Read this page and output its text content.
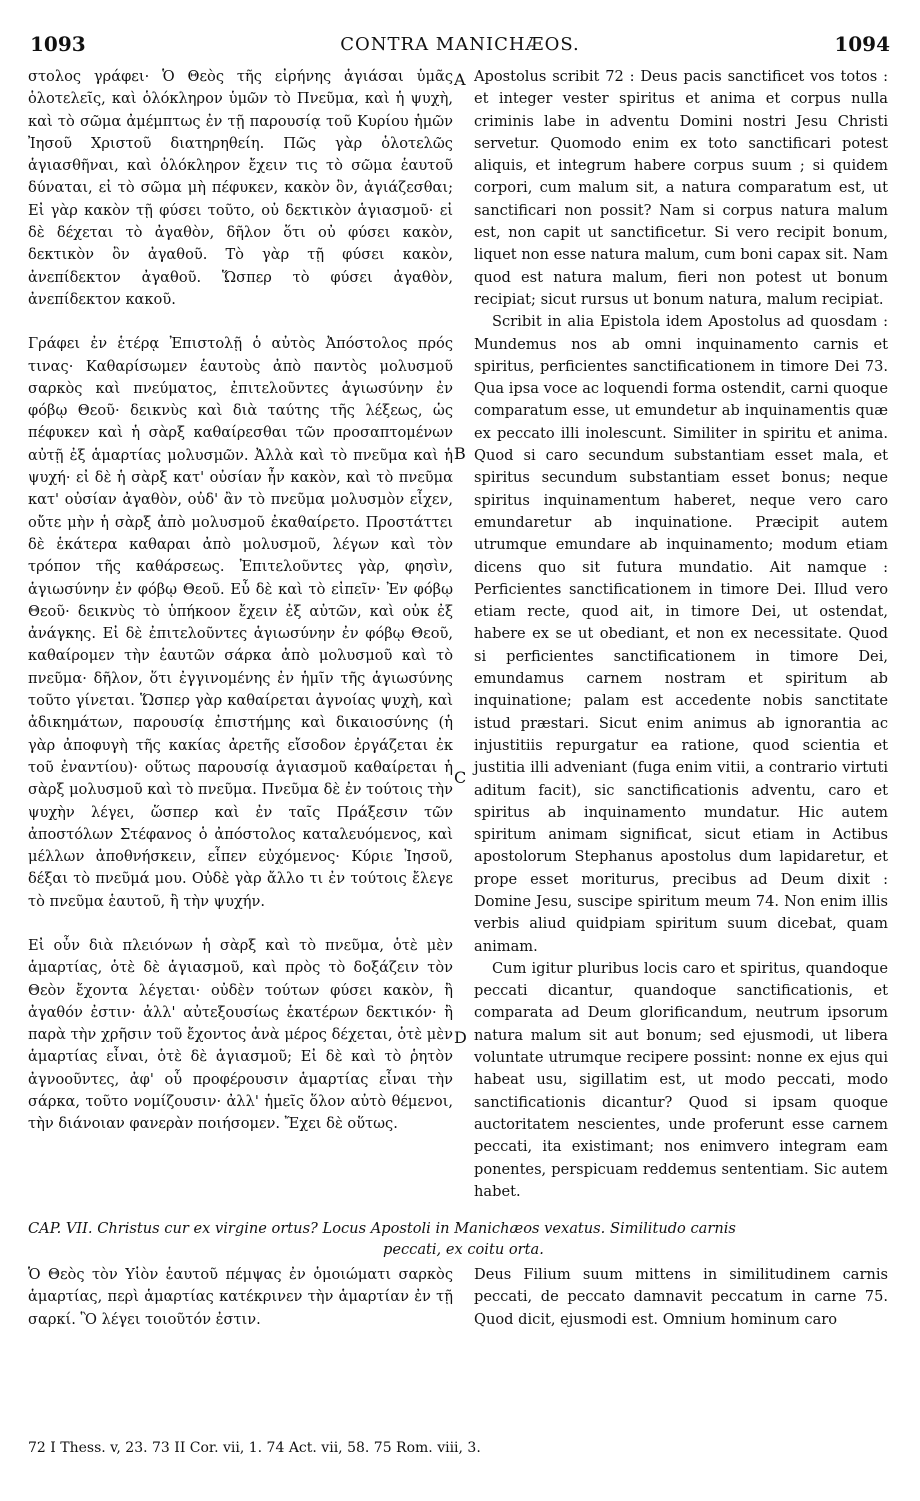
1093	CONTRA MANICHÆOS.	1094
A
B
C
D

στολος γράφει· Ὁ Θεὸς τῆς εἰρήνης ἁγιάσαι ὑμᾶς ὁλοτελεῖς, καὶ ὁλόκληρον ὑμῶν τὸ Πνεῦμα, καὶ ἡ ψυχὴ, καὶ τὸ σῶμα ἀμέμπτως ἐν τῇ παρουσίᾳ τοῦ Κυρίου ἡμῶν Ἰησοῦ Χριστοῦ διατηρηθείη. Πῶς γὰρ ὁλοτελῶς ἁγιασθῆναι, καὶ ὁλόκληρον ἔχειν τις τὸ σῶμα ἑαυτοῦ δύναται, εἰ τὸ σῶμα μὴ πέφυκεν, κακὸν ὂν, ἁγιάζεσθαι; Εἰ γὰρ κακὸν τῇ φύσει τοῦτο, οὐ δεκτικὸν ἁγιασμοῦ· εἰ δὲ δέχεται τὸ ἀγαθὸν, δῆλον ὅτι οὐ φύσει κακὸν, δεκτικὸν ὂν ἀγαθοῦ. Τὸ γὰρ τῇ φύσει κακὸν, ἀνεπίδεκτον ἀγαθοῦ. Ὥσπερ τὸ φύσει ἀγαθὸν, ἀνεπίδεκτον κακοῦ.

Γράφει ἐν ἑτέρᾳ Ἐπιστολῇ ὁ αὐτὸς Ἀπόστολος πρός τινας· Καθαρίσωμεν ἑαυτοὺς ἀπὸ παντὸς μολυσμοῦ σαρκὸς καὶ πνεύματος, ἐπιτελοῦντες ἁγιωσύνην ἐν φόβῳ Θεοῦ· δεικνὺς καὶ διὰ ταύτης τῆς λέξεως, ὡς πέφυκεν καὶ ἡ σὰρξ καθαίρεσθαι τῶν προσαπτομένων αὐτῇ ἐξ ἁμαρτίας μολυσμῶν. Ἀλλὰ καὶ τὸ πνεῦμα καὶ ἡ ψυχή· εἰ δὲ ἡ σὰρξ κατ' οὐσίαν ἦν κακὸν, καὶ τὸ πνεῦμα κατ' οὐσίαν ἀγαθὸν, οὐδ' ἂν τὸ πνεῦμα μολυσμὸν εἶχεν, οὔτε μὴν ἡ σὰρξ ἀπὸ μολυσμοῦ ἐκαθαίρετο. Προστάττει δὲ ἑκάτερα καθαραι ἀπὸ μολυσμοῦ, λέγων καὶ τὸν τρόπον τῆς καθάρσεως. Ἐπιτελοῦντες γὰρ, φησὶν, ἁγιωσύνην ἐν φόβῳ Θεοῦ. Εὖ δὲ καὶ τὸ εἰπεῖν· Ἐν φόβῳ Θεοῦ· δεικνὺς τὸ ὑπήκοον ἔχειν ἐξ αὐτῶν, καὶ οὐκ ἐξ ἀνάγκης. Εἰ δὲ ἐπιτελοῦντες ἁγιωσύνην ἐν φόβῳ Θεοῦ, καθαίρομεν τὴν ἑαυτῶν σάρκα ἀπὸ μολυσμοῦ καὶ τὸ πνεῦμα· δῆλον, ὅτι ἐγγινομένης ἐν ἡμῖν τῆς ἁγιωσύνης τοῦτο γίνεται. Ὥσπερ γὰρ καθαίρεται ἀγνοίας ψυχὴ, καὶ ἀδικημάτων, παρουσίᾳ ἐπιστήμης καὶ δικαιοσύνης (ἡ γὰρ ἀποφυγὴ τῆς κακίας ἀρετῆς εἴσοδον ἐργάζεται ἐκ τοῦ ἐναντίου)· οὕτως παρουσίᾳ ἁγιασμοῦ καθαίρεται ἡ σὰρξ μολυσμοῦ καὶ τὸ πνεῦμα. Πνεῦμα δὲ ἐν τούτοις τὴν ψυχὴν λέγει, ὥσπερ καὶ ἐν ταῖς Πράξεσιν τῶν ἀποστόλων Στέφανος ὁ ἀπόστολος καταλευόμενος, καὶ μέλλων ἀποθνήσκειν, εἶπεν εὐχόμενος· Κύριε Ἰησοῦ, δέξαι τὸ πνεῦμά μου. Οὐδὲ γὰρ ἄλλο τι ἐν τούτοις ἔλεγε τὸ πνεῦμα ἑαυτοῦ, ἢ τὴν ψυχήν.

Εἰ οὖν διὰ πλειόνων ἡ σὰρξ καὶ τὸ πνεῦμα, ὁτὲ μὲν ἁμαρτίας, ὁτὲ δὲ ἁγιασμοῦ, καὶ πρὸς τὸ δοξάζειν τὸν Θεὸν ἔχοντα λέγεται· οὐδὲν τούτων φύσει κακὸν, ἢ ἀγαθόν ἐστιν· ἀλλ' αὐτεξουσίως ἑκατέρων δεκτικόν· ἢ παρὰ τὴν χρῆσιν τοῦ ἔχοντος ἀνὰ μέρος δέχεται, ὁτὲ μὲν ἁμαρτίας εἶναι, ὁτὲ δὲ ἁγιασμοῦ; Εἰ δὲ καὶ τὸ ῥητὸν ἀγνοοῦντες, ἀφ' οὗ προφέρουσιν ἁμαρτίας εἶναι τὴν σάρκα, τοῦτο νομίζουσιν· ἀλλ' ἡμεῖς ὅλον αὐτὸ θέμενοι, τὴν διάνοιαν φανερὰν ποιήσομεν. Ἔχει δὲ οὕτως.

Apostolus scribit 72 : Deus pacis sanctificet vos totos : et integer vester spiritus et anima et corpus nulla criminis labe in adventu Domini nostri Jesu Christi servetur. Quomodo enim ex toto sanctificari potest aliquis, et integrum habere corpus suum ; si quidem corpori, cum malum sit, a natura comparatum est, ut sanctificari non possit? Nam si corpus natura malum est, non capit ut sanctificetur. Si vero recipit bonum, liquet non esse natura malum, cum boni capax sit. Nam quod est natura malum, fieri non potest ut bonum recipiat; sicut rursus ut bonum natura, malum recipiat.

Scribit in alia Epistola idem Apostolus ad quosdam : Mundemus nos ab omni inquinamento carnis et spiritus, perficientes sanctificationem in timore Dei 73. Qua ipsa voce ac loquendi forma ostendit, carni quoque comparatum esse, ut emundetur ab inquinamentis quæ ex peccato illi inolescunt. Similiter in spiritu et anima. Quod si caro secundum substantiam esset mala, et spiritus secundum substantiam esset bonus; neque spiritus inquinamentum haberet, neque vero caro emundaretur ab inquinatione. Præcipit autem utrumque emundare ab inquinamento; modum etiam dicens quo sit futura mundatio. Ait namque : Perficientes sanctificationem in timore Dei. Illud vero etiam recte, quod ait, in timore Dei, ut ostendat, habere ex se ut obediant, et non ex necessitate. Quod si perficientes sanctificationem in timore Dei, emundamus carnem nostram et spiritum ab inquinatione; palam est accedente nobis sanctitate istud præstari. Sicut enim animus ab ignorantia ac injustitiis repurgatur ea ratione, quod scientia et justitia illi adveniant (fuga enim vitii, a contrario virtuti aditum facit), sic sanctificationis adventu, caro et spiritus ab inquinamento mundatur. Hic autem spiritum animam significat, sicut etiam in Actibus apostolorum Stephanus apostolus dum lapidaretur, et prope esset moriturus, precibus ad Deum dixit : Domine Jesu, suscipe spiritum meum 74. Non enim illis verbis aliud quidpiam spiritum suum dicebat, quam animam.

Cum igitur pluribus locis caro et spiritus, quandoque peccati dicantur, quandoque sanctificationis, et comparata ad Deum glorificandum, neutrum ipsorum natura malum sit aut bonum; sed ejusmodi, ut libera voluntate utrumque recipere possint: nonne ex ejus qui habeat usu, sigillatim est, ut modo peccati, modo sanctificationis dicantur? Quod si ipsam quoque auctoritatem nescientes, unde proferunt esse carnem peccati, ita existimant; nos enimvero integram eam ponentes, perspicuam reddemus sententiam. Sic autem habet.

CAP. VII. Christus cur ex virgine ortus? Locus Apostoli in Manichæos vexatus. Similitudo carnis
peccati, ex coitu orta.

Ὁ Θεὸς τὸν Υἱὸν ἑαυτοῦ πέμψας ἐν ὁμοιώματι σαρκὸς ἁμαρτίας, περὶ ἁμαρτίας κατέκρινεν τὴν ἁμαρτίαν ἐν τῇ σαρκί. Ὃ λέγει τοιοῦτόν ἐστιν.

Deus Filium suum mittens in similitudinem carnis peccati, de peccato damnavit peccatum in carne 75. Quod dicit, ejusmodi est. Omnium hominum caro

72 I Thess. v, 23. 73 II Cor. vii, 1. 74 Act. vii, 58. 75 Rom. viii, 3.
